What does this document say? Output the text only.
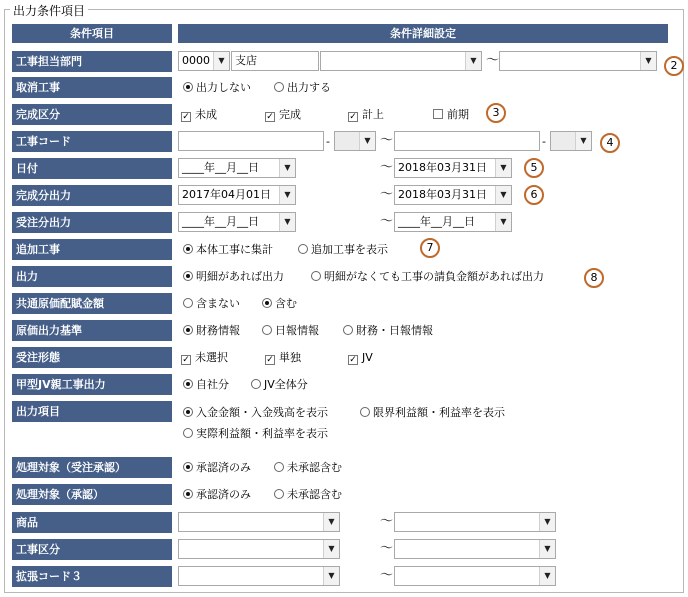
出力条件項目
条件項目	条件詳細設定
工事担当部門	0000	▼ 支店	▼ 〜	▼	2
取消工事	出力しない	出力する
完成区分	✓ 未成	✓ 完成	✓ 計上	前期	3
工事コード	-	▼ 〜	-	▼	4
日付	____年__月__日	▼	〜 2018年03月31日	▼	5
完成分出力	2017年04月01日	▼	〜 2018年03月31日	▼	6
受注分出力	____年__月__日	▼	〜 ____年__月__日	▼
追加工事	本体工事に集計	追加工事を表示	7
出力	明細があれば出力	明細がなくても工事の請負金額があれば出力	8
共通原価配賦金額	含まない	含む
原価出力基準	財務情報	日報情報	財務・日報情報
受注形態	✓ 未選択	✓ 単独	✓ JV
甲型JV親工事出力	自社分	JV全体分
出力項目	入金金額・入金残高を表示	限界利益額・利益率を表示
実際利益額・利益率を表示
処理対象（受注承認）	承認済のみ	未承認含む
処理対象（承認）	承認済のみ	未承認含む
商品	▼	〜	▼
工事区分	▼	〜	▼
拡張コード３	▼	〜	▼
